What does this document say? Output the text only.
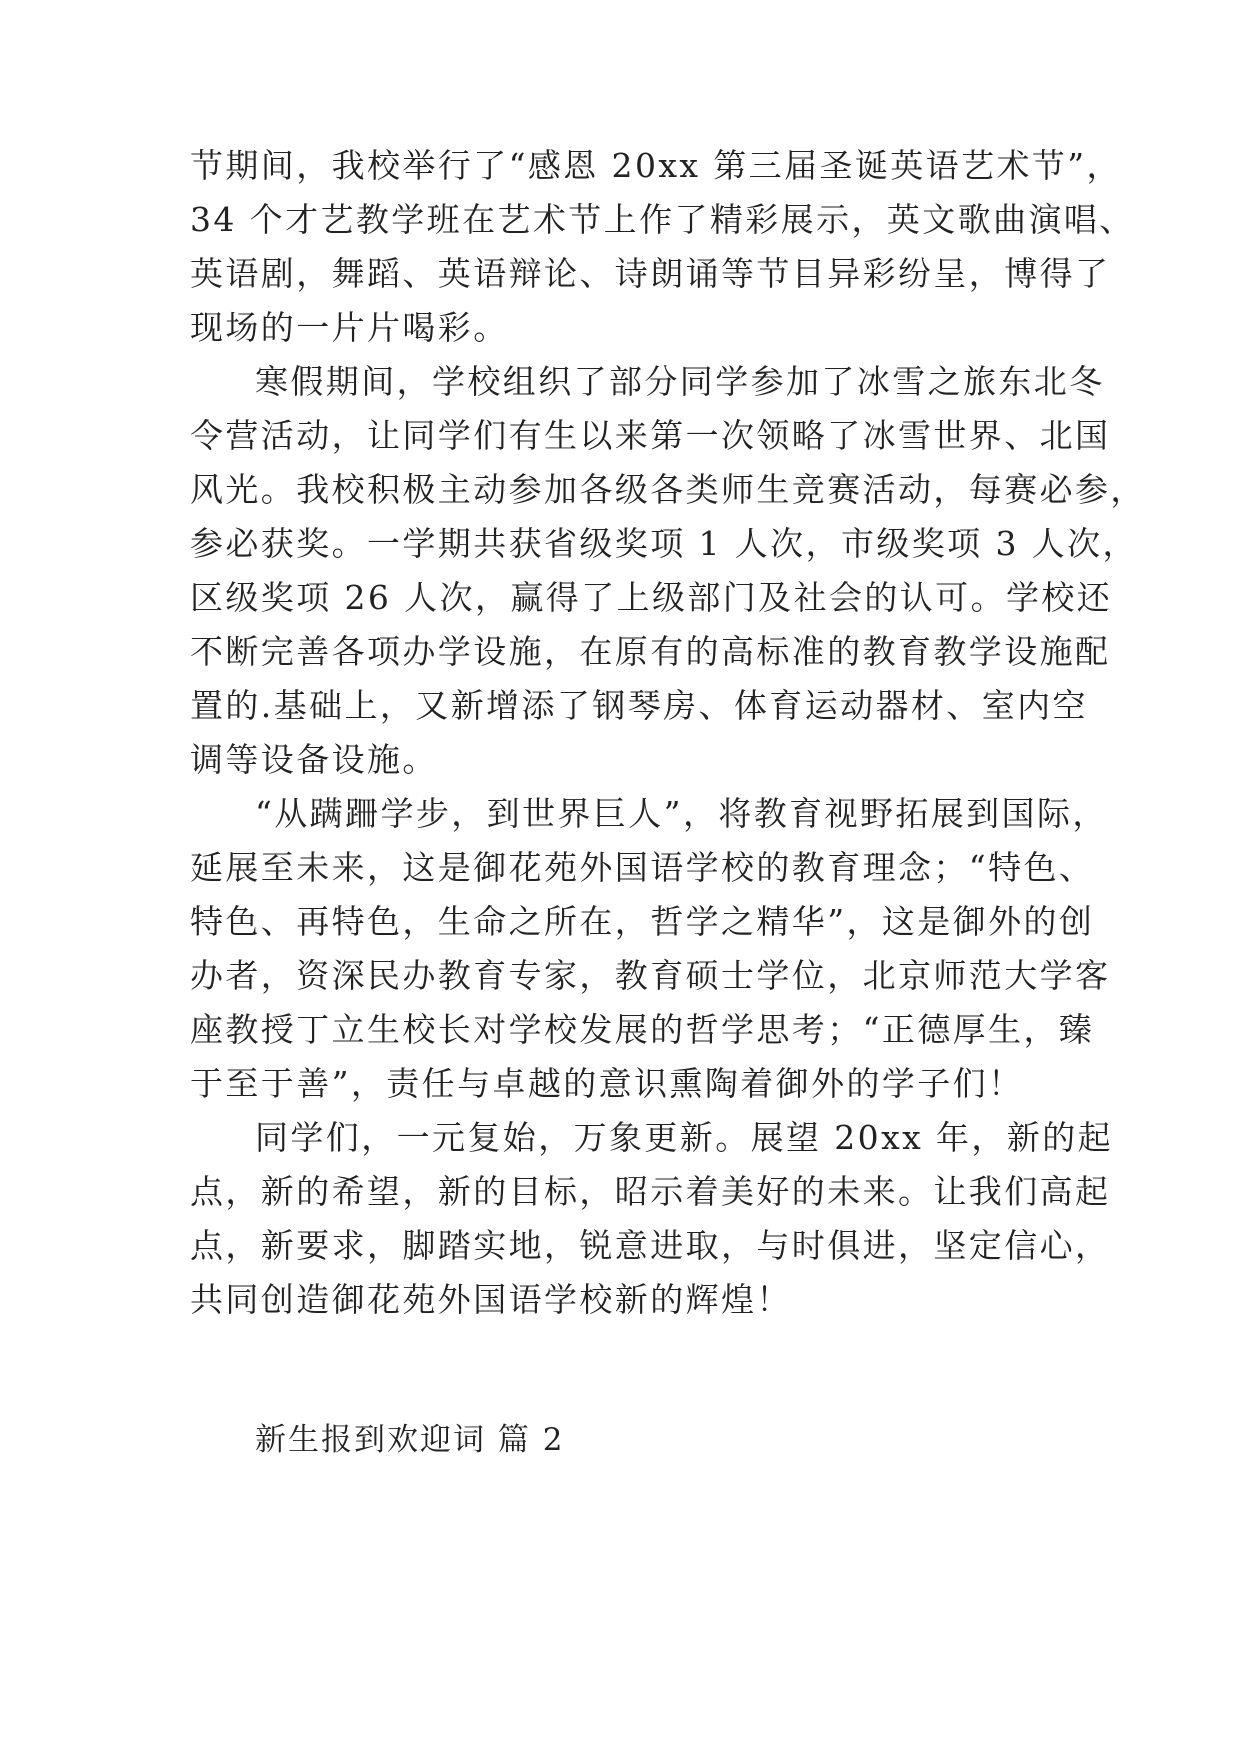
节期间，我校举行了“感恩 20xx 第三届圣诞英语艺术节”，
34 个才艺教学班在艺术节上作了精彩展示，英文歌曲演唱、
英语剧，舞蹈、英语辩论、诗朗诵等节目异彩纷呈，博得了
现场的一片片喝彩。
寒假期间，学校组织了部分同学参加了冰雪之旅东北冬
令营活动，让同学们有生以来第一次领略了冰雪世界、北国
风光。我校积极主动参加各级各类师生竞赛活动，每赛必参，
参必获奖。一学期共获省级奖项 1 人次，市级奖项 3 人次，
区级奖项 26 人次，赢得了上级部门及社会的认可。学校还
不断完善各项办学设施，在原有的高标准的教育教学设施配
置的.基础上，又新增添了钢琴房、体育运动器材、室内空
调等设备设施。
“从蹒跚学步，到世界巨人”，将教育视野拓展到国际，
延展至未来，这是御花苑外国语学校的教育理念；“特色、
特色、再特色，生命之所在，哲学之精华”，这是御外的创
办者，资深民办教育专家，教育硕士学位，北京师范大学客
座教授丁立生校长对学校发展的哲学思考；“正德厚生，臻
于至于善”，责任与卓越的意识熏陶着御外的学子们！
同学们，一元复始，万象更新。展望 20xx 年，新的起
点，新的希望，新的目标，昭示着美好的未来。让我们高起
点，新要求，脚踏实地，锐意进取，与时俱进，坚定信心，
共同创造御花苑外国语学校新的辉煌！
新生报到欢迎词 篇 2
